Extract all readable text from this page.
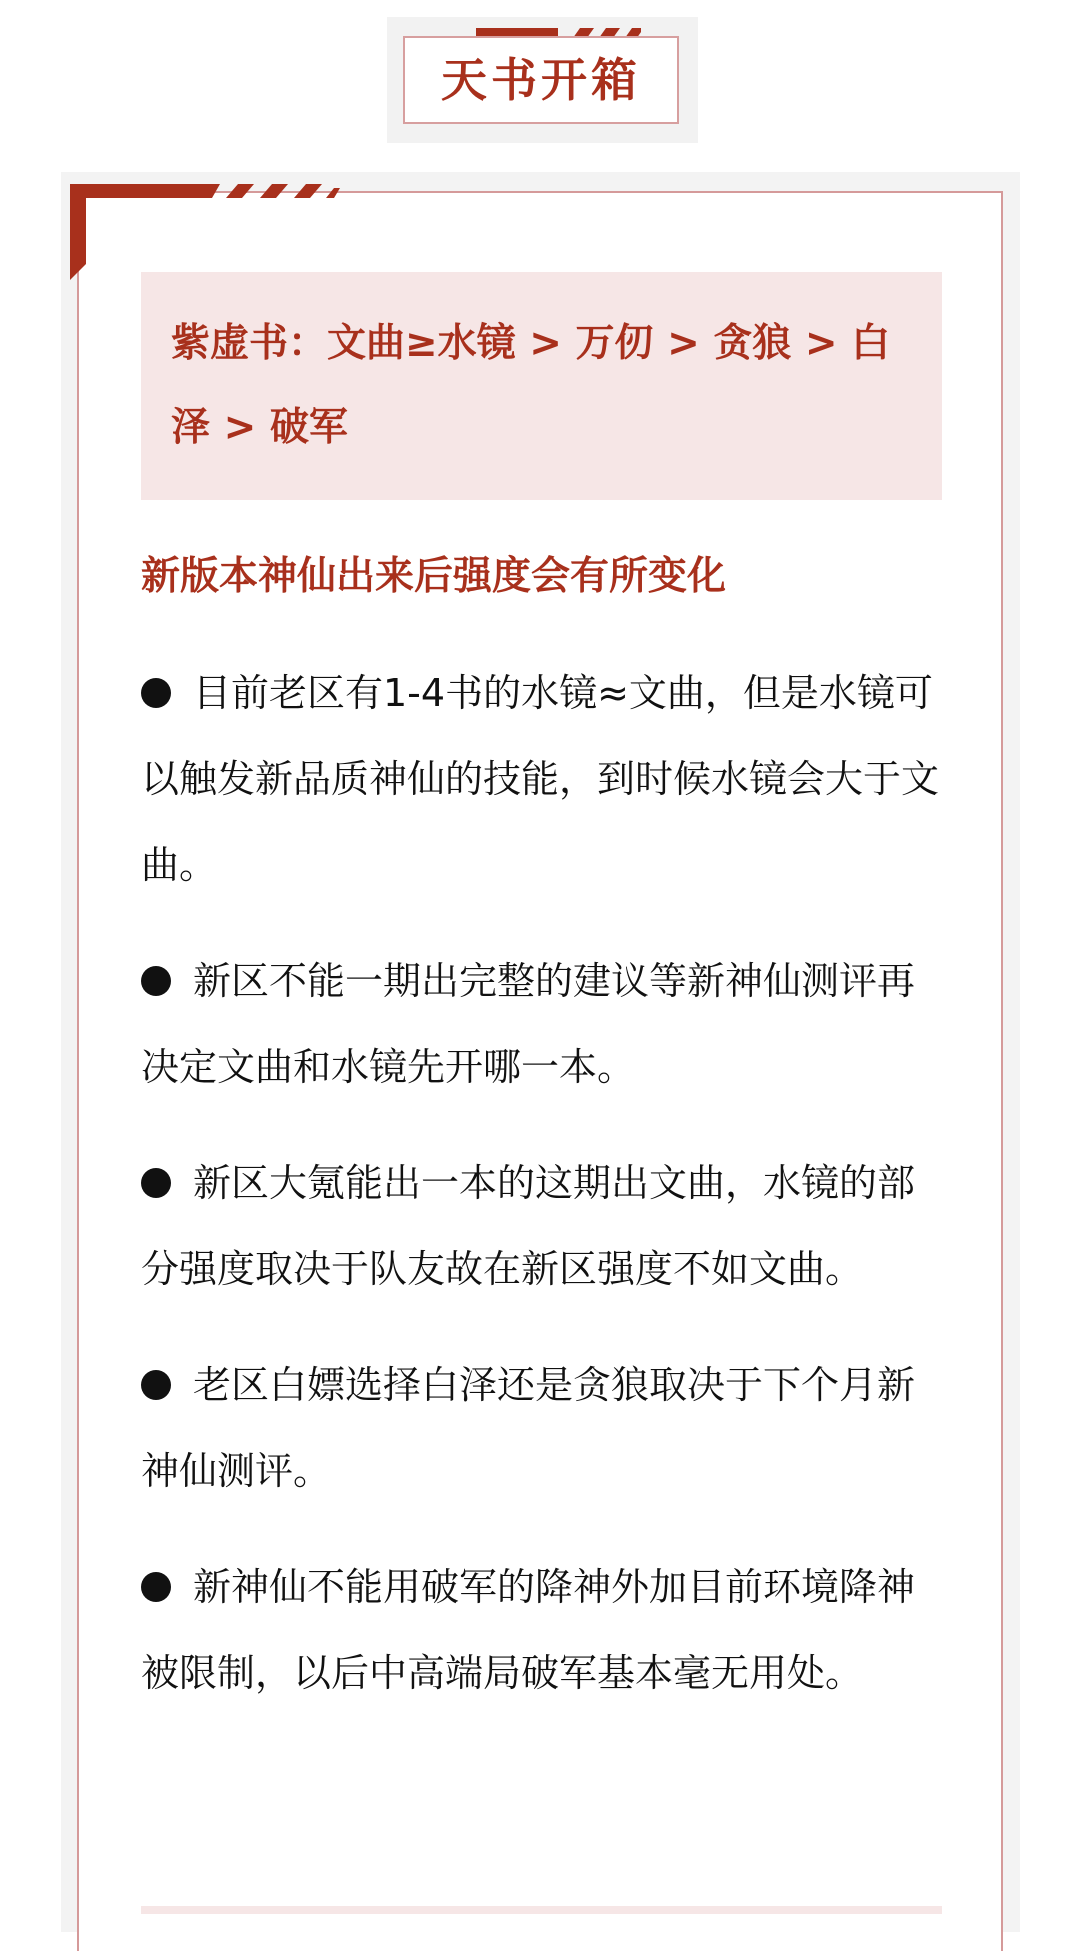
天书开箱

紫虚书：文曲≥水镜 > 万仞 > 贪狼 > 白泽 > 破军

新版本神仙出来后强度会有所变化

目前老区有1-4书的水镜≈文曲，但是水镜可以触发新品质神仙的技能，到时候水镜会大于文曲。
新区不能一期出完整的建议等新神仙测评再决定文曲和水镜先开哪一本。
新区大氪能出一本的这期出文曲，水镜的部分强度取决于队友故在新区强度不如文曲。
老区白嫖选择白泽还是贪狼取决于下个月新神仙测评。
新神仙不能用破军的降神外加目前环境降神被限制，以后中高端局破军基本毫无用处。
